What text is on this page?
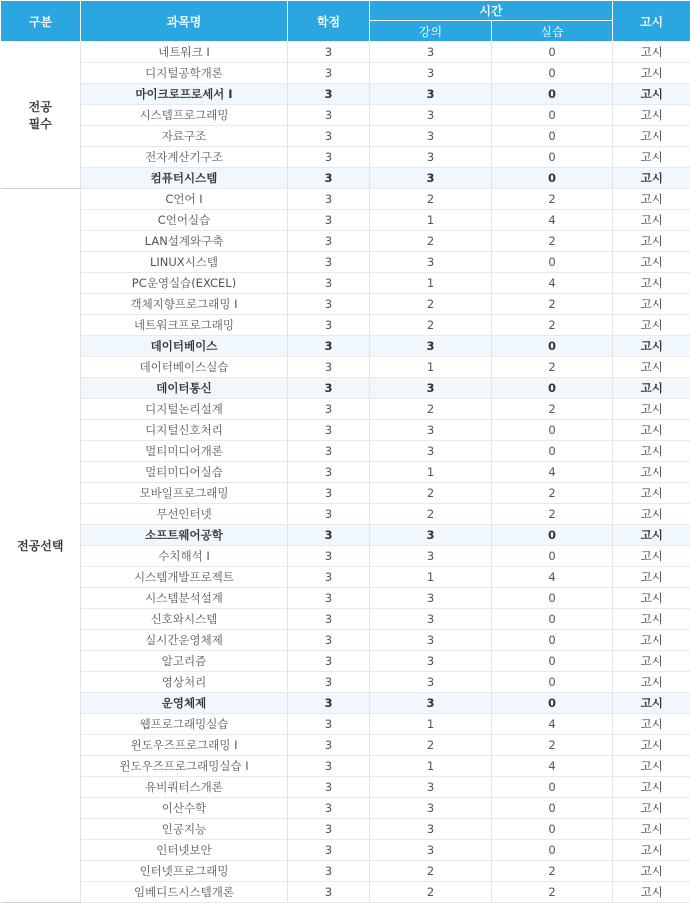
구분	과목명	학점	시간		고시
			강의	실습	
전공
필수	네트워크 I	3	3	0	고시
	디지털공학개론	3	3	0	고시
	마이크로프로세서 I	3	3	0	고시
	시스템프로그래밍	3	3	0	고시
	자료구조	3	3	0	고시
	전자계산기구조	3	3	0	고시
	컴퓨터시스템	3	3	0	고시
전공선택	C언어 I	3	2	2	고시
	C언어실습	3	1	4	고시
	LAN설계와구축	3	2	2	고시
	LINUX시스템	3	3	0	고시
	PC운영실습(EXCEL)	3	1	4	고시
	객체지향프로그래밍 I	3	2	2	고시
	네트워크프로그래밍	3	2	2	고시
	데이터베이스	3	3	0	고시
	데이터베이스실습	3	1	2	고시
	데이터통신	3	3	0	고시
	디지털논리설계	3	2	2	고시
	디지털신호처리	3	3	0	고시
	멀티미디어개론	3	3	0	고시
	멀티미디어실습	3	1	4	고시
	모바일프로그래밍	3	2	2	고시
	무선인터넷	3	2	2	고시
	소프트웨어공학	3	3	0	고시
	수치해석 I	3	3	0	고시
	시스템개발프로젝트	3	1	4	고시
	시스템분석설계	3	3	0	고시
	신호와시스템	3	3	0	고시
	실시간운영체제	3	3	0	고시
	알고리즘	3	3	0	고시
	영상처리	3	3	0	고시
	운영체제	3	3	0	고시
	웹프로그래밍실습	3	1	4	고시
	윈도우즈프로그래밍 I	3	2	2	고시
	윈도우즈프로그래밍실습 I	3	1	4	고시
	유비쿼터스개론	3	3	0	고시
	이산수학	3	3	0	고시
	인공지능	3	3	0	고시
	인터넷보안	3	3	0	고시
	인터넷프로그래밍	3	2	2	고시
	임베디드시스템개론	3	2	2	고시
